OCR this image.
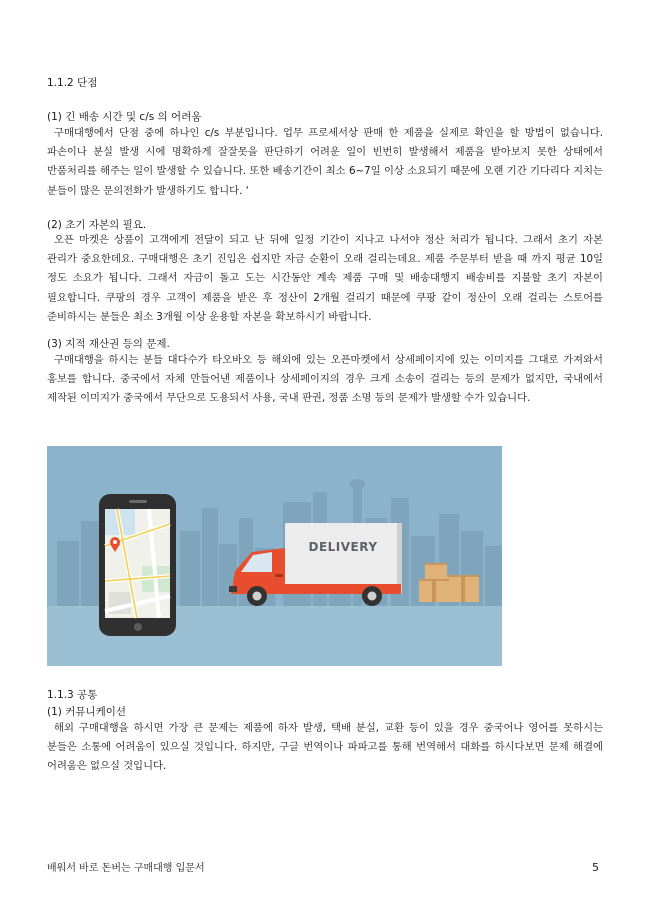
1.1.2 단점
(1) 긴 배송 시간 및 c/s 의 어려움
구매대행에서 단점 중에 하나인 c/s 부분입니다. 업무 프로세서상 판매 한 제품을 실제로 확인을 할 방법이 없습니다. 파손이나 분실 발생 시에 명확하게 잘잘못을 판단하기 어려운 일이 빈번히 발생해서 제품을 받아보지 못한 상태에서 반품처리를 해주는 일이 발생할 수 있습니다. 또한 배송기간이 최소 6~7일 이상 소요되기 때문에 오랜 기간 기다리다 지치는 분들이 많은 문의전화가 발생하기도 합니다. ‘
(2) 초기 자본의 필요.
오픈 마켓은 상품이 고객에게 전달이 되고 난 뒤에 일정 기간이 지나고 나서야 정산 처리가 됩니다. 그래서 초기 자본 관리가 중요한데요. 구매대행은 초기 진입은 쉽지만 자금 순환이 오래 걸리는데요. 제품 주문부터 받을 때 까지 평균 10일 정도 소요가 됩니다. 그래서 자금이 돌고 도는 시간동안 계속 제품 구매 및 배송대행지 배송비를 지불할 초기 자본이 필요합니다. 쿠팡의 경우 고객이 제품을 받은 후 정산이 2개월 걸리기 때문에 쿠팡 같이 정산이 오래 걸리는 스토어를 준비하시는 분들은 최소 3개월 이상 운용할 자본을 확보하시기 바랍니다.
(3) 지적 재산권 등의 문제.
구매대행을 하시는 분들 대다수가 타오바오 등 해외에 있는 오픈마켓에서 상세페이지에 있는 이미지를 그대로 가져와서 홍보를 합니다. 중국에서 자체 만들어낸 제품이나 상세페이지의 경우 크게 소송이 걸리는 등의 문제가 없지만, 국내에서 제작된 이미지가 중국에서 무단으로 도용되서 사용, 국내 판권, 정품 소명 등의 문제가 발생할 수가 있습니다.
DELIVERY
1.1.3 공통
(1) 커뮤니케이션
해외 구매대행을 하시면 가장 큰 문제는 제품에 하자 발생, 택배 분실, 교환 등이 있을 경우 중국어나 영어를 못하시는 분들은 소통에 어려움이 있으실 것입니다. 하지만, 구글 번역이나 파파고를 통해 번역해서 대화를 하시다보면 문제 해결에 어려움은 없으실 것입니다.
배워서 바로 돈버는 구매대행 입문서	5
